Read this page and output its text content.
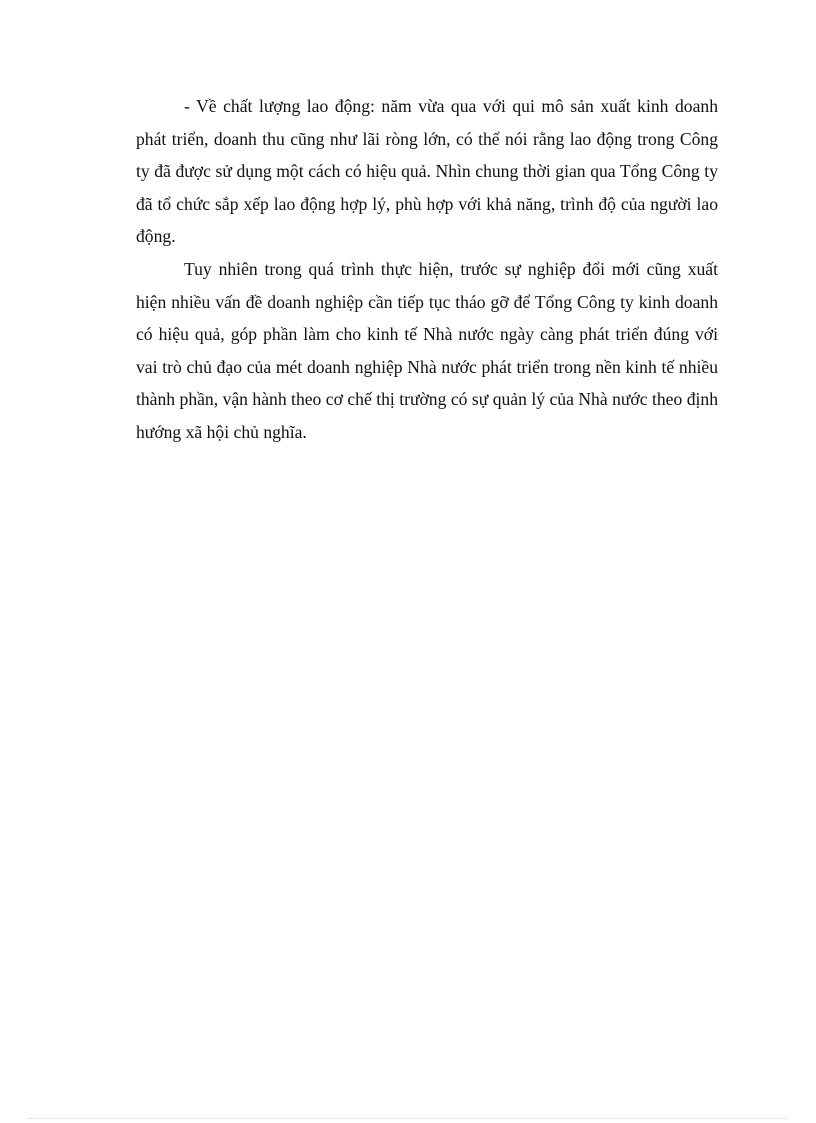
- Về chất lượng lao động: năm vừa qua với qui mô sản xuất kinh doanh phát triển, doanh thu cũng như lãi ròng lớn, có thể nói rằng lao động trong Công ty đã được sử dụng một cách có hiệu quả. Nhìn chung thời gian qua Tổng Công ty đã tổ chức sắp xếp lao động hợp lý, phù hợp với khả năng, trình độ của người lao động.

Tuy nhiên trong quá trình thực hiện, trước sự nghiệp đổi mới cũng xuất hiện nhiều vấn đề doanh nghiệp cần tiếp tục tháo gỡ để Tổng Công ty kinh doanh có hiệu quả, góp phần làm cho kinh tế Nhà nước ngày càng phát triển đúng với vai trò chủ đạo của mét doanh nghiệp Nhà nước phát triển trong nền kinh tế nhiều thành phần, vận hành theo cơ chế thị trường có sự quản lý của Nhà nước theo định hướng xã hội chủ nghĩa.
